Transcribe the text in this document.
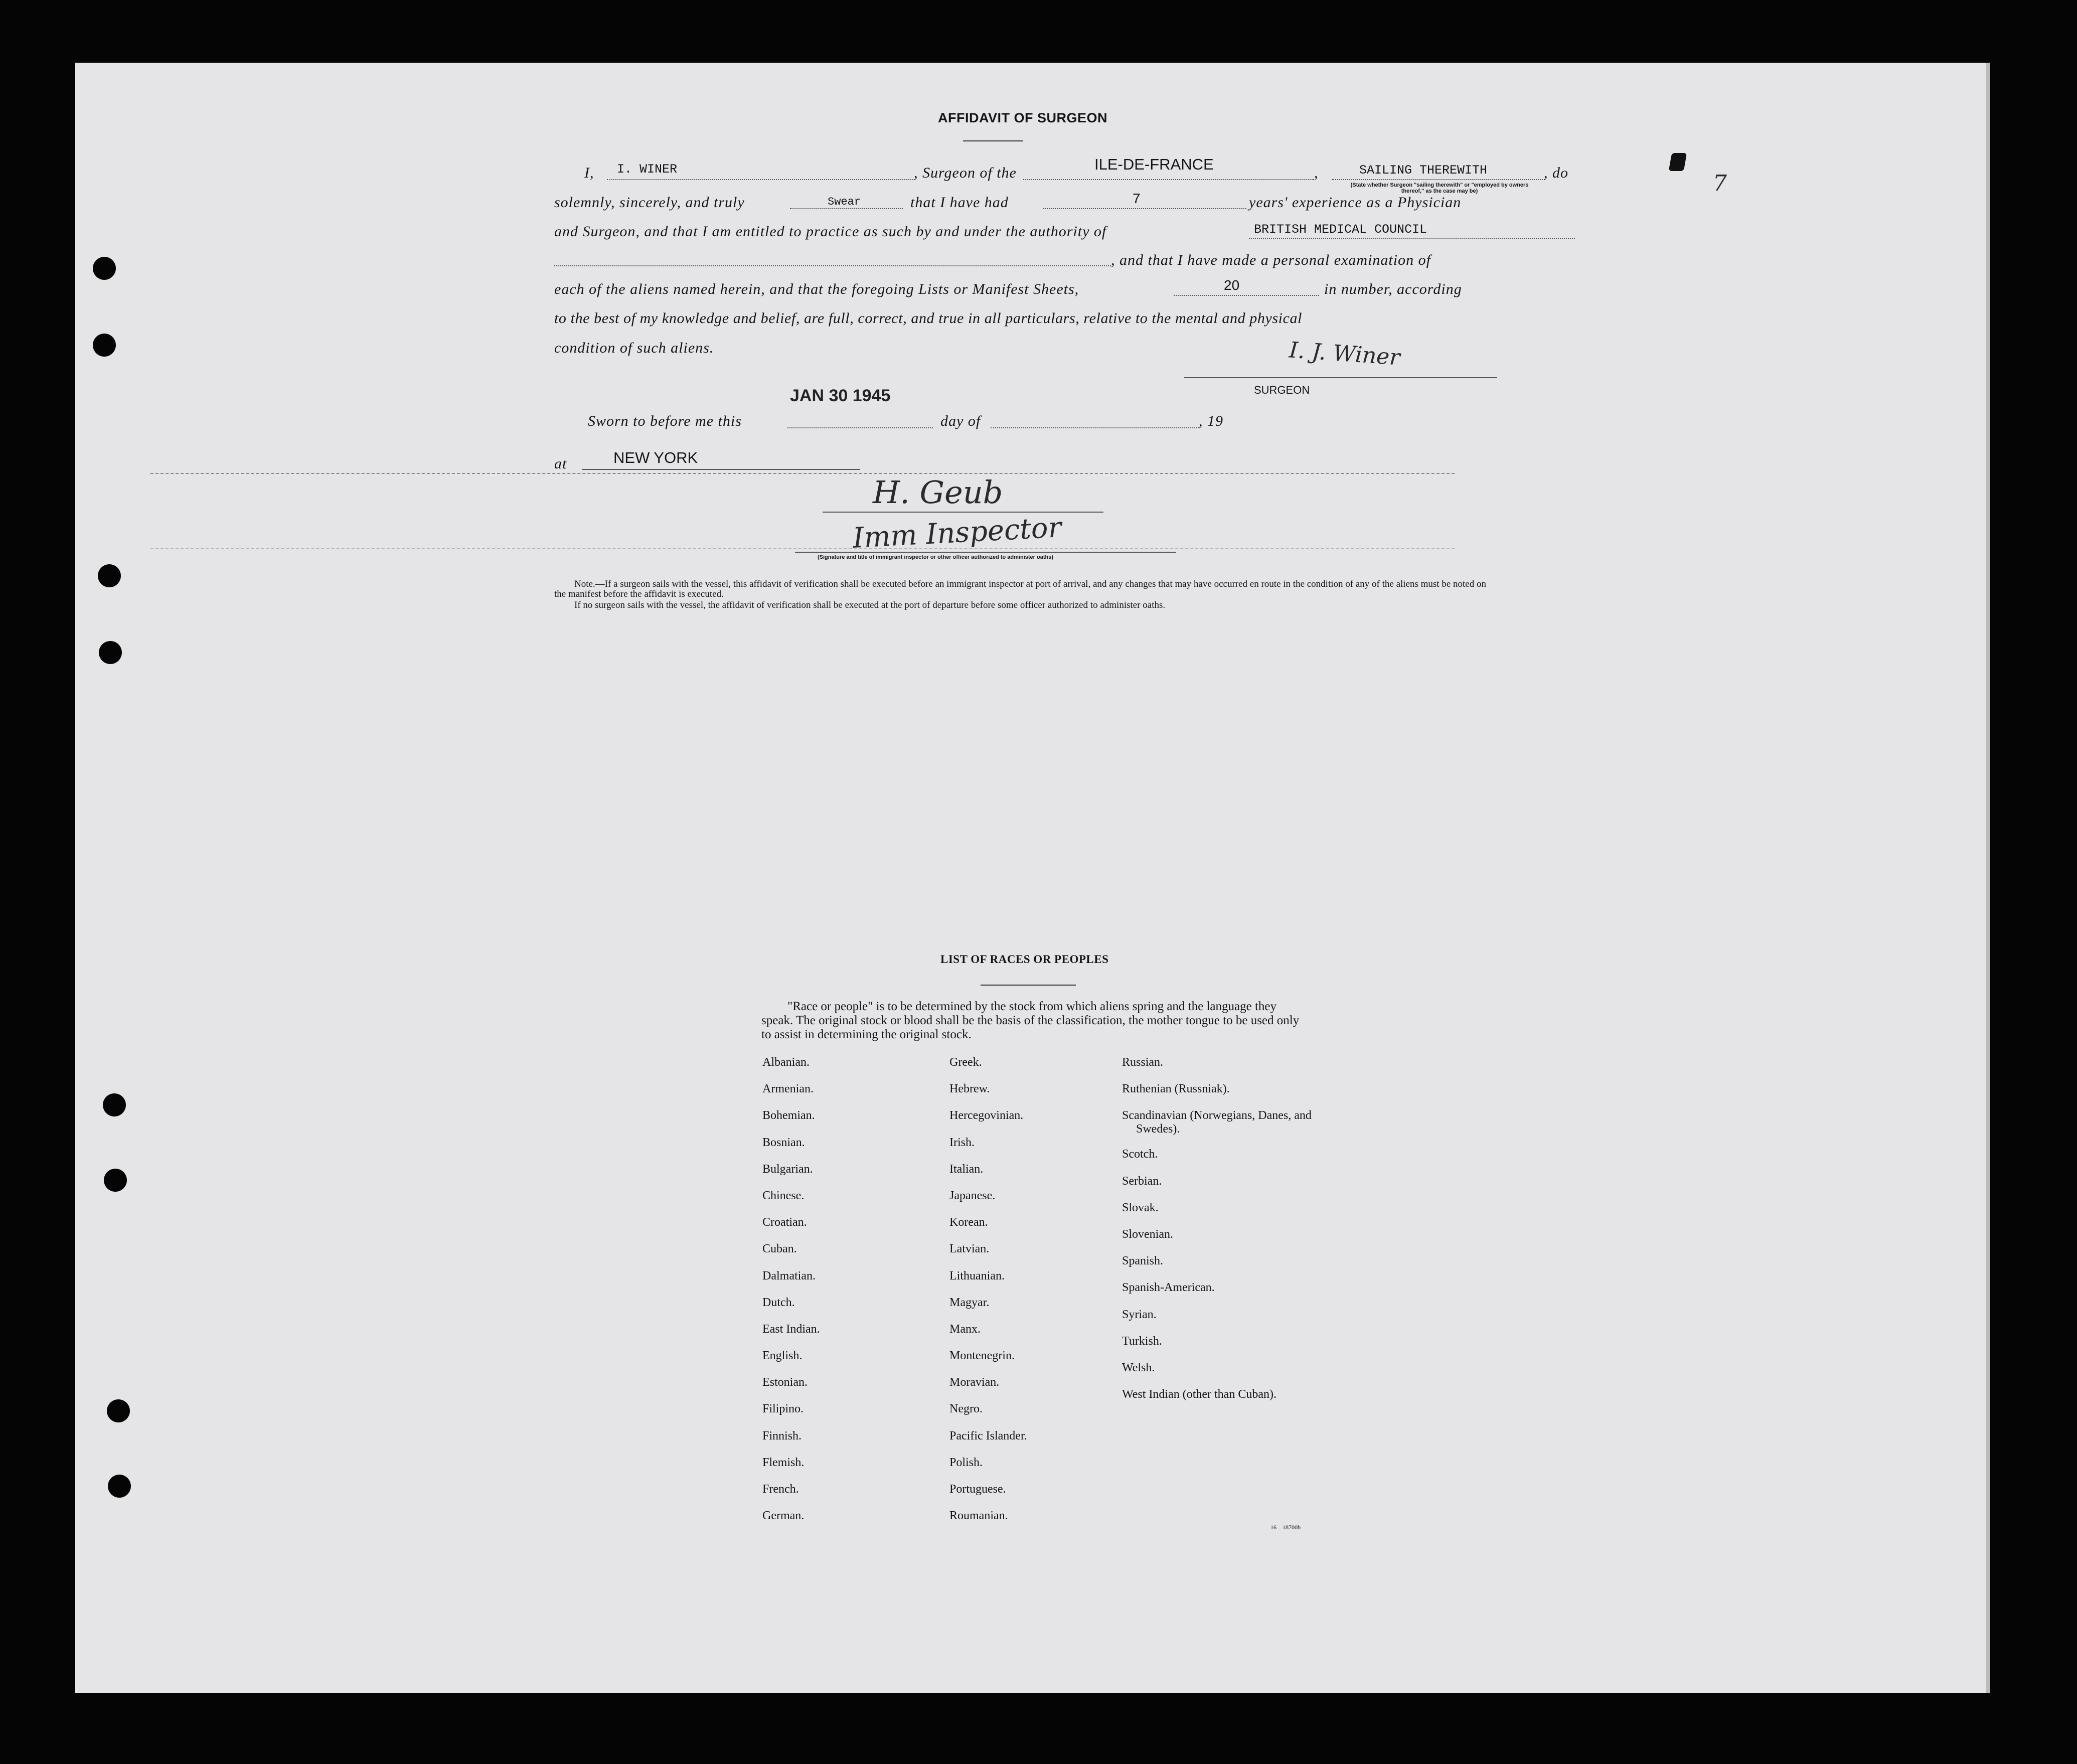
7
AFFIDAVIT OF SURGEON
I, I. WINER	, Surgeon of the	ILE-DE-FRANCE	,	SAILING THEREWITH	, do
(State whether Surgeon "sailing therewith" or "employed by owners thereof," as the case may be)
solemnly, sincerely, and truly	Swear	that I have had	7	years' experience as a Physician
and Surgeon, and that I am entitled to practice as such by and under the authority of	BRITISH MEDICAL COUNCIL
, and that I have made a personal examination of
each of the aliens named herein, and that the foregoing Lists or Manifest Sheets,	20	in number, according
to the best of my knowledge and belief, are full, correct, and true in all particulars, relative to the mental and physical
condition of such aliens.	I. J. Winer
SURGEON
JAN 30 1945
Sworn to before me this	day of	, 19
at	NEW YORK
H. Geub
Imm Inspector
(Signature and title of immigrant inspector or other officer authorized to administer oaths)
Note.—If a surgeon sails with the vessel, this affidavit of verification shall be executed before an immigrant inspector at port of arrival, and any changes that may have occurred en route in the condition of any of the aliens must be noted on the manifest before the affidavit is executed.
If no surgeon sails with the vessel, the affidavit of verification shall be executed at the port of departure before some officer authorized to administer oaths.
LIST OF RACES OR PEOPLES
"Race or people" is to be determined by the stock from which aliens spring and the language they speak. The original stock or blood shall be the basis of the classification, the mother tongue to be used only to assist in determining the original stock.
Albanian.
Armenian.
Bohemian.
Bosnian.
Bulgarian.
Chinese.
Croatian.
Cuban.
Dalmatian.
Dutch.
East Indian.
English.
Estonian.
Filipino.
Finnish.
Flemish.
French.
German.
Greek.
Hebrew.
Hercegovinian.
Irish.
Italian.
Japanese.
Korean.
Latvian.
Lithuanian.
Magyar.
Manx.
Montenegrin.
Moravian.
Negro.
Pacific Islander.
Polish.
Portuguese.
Roumanian.
Russian.
Ruthenian (Russniak).
Scandinavian (Norwegians, Danes, and Swedes).
Scotch.
Serbian.
Slovak.
Slovenian.
Spanish.
Spanish-American.
Syrian.
Turkish.
Welsh.
West Indian (other than Cuban).
16—18700b
